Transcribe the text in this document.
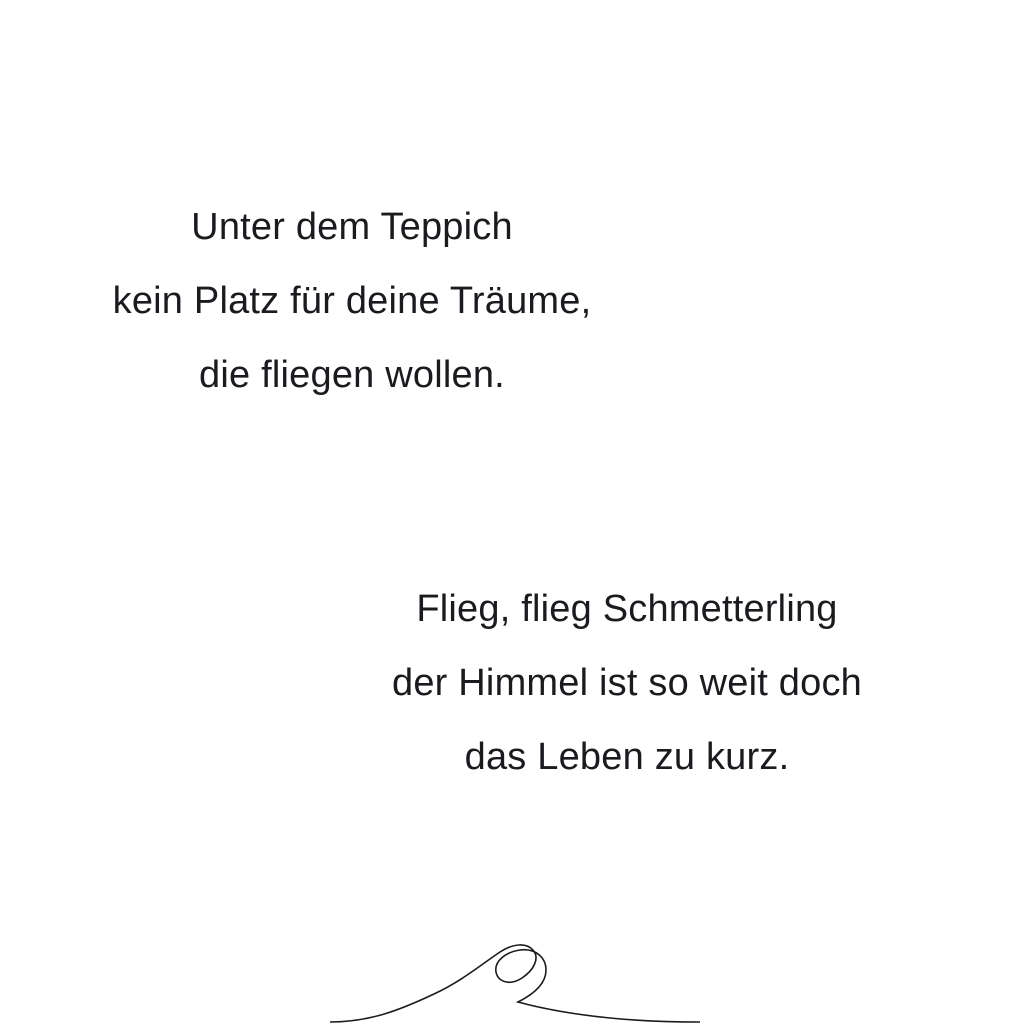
Unter dem Teppich
kein Platz für deine Träume,
die fliegen wollen.
Flieg, flieg Schmetterling
der Himmel ist so weit doch
das Leben zu kurz.
